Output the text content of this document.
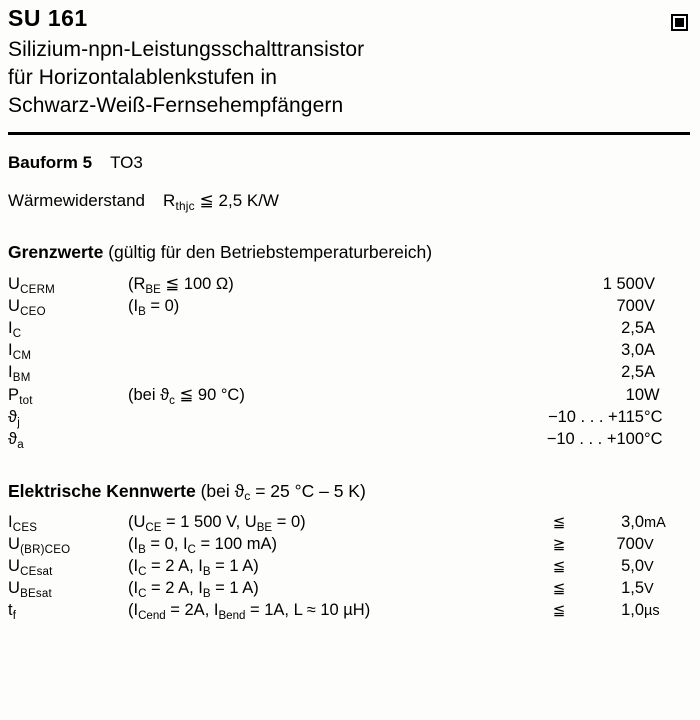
SU 161
Silizium-npn-Leistungsschalttransistor
für Horizontalablenkstufen in
Schwarz-Weiß-Fernsehempfängern
Bauform 5 TO3
Wärmewiderstand $R_{thjc}$ ≦ 2,5 K/W
Grenzwerte (gültig für den Betriebstemperaturbereich)
$U_{CERM}$	($R_{BE}$ ≦ 100 Ω)	1 500	V
$U_{CEO}$	$(I_B = 0)$	700	V
$I_C$		2,5	A
$I_{CM}$		3,0	A
$I_{BM}$		2,5	A
$P_{tot}$	(bei $ϑ_c$ ≦ 90 °C)	10	W
$ϑ_j$		−10 . . . +115	°C
$ϑ_a$		−10 . . . +100	°C
Elektrische Kennwerte (bei $ϑ_c = 25$ °C – 5 K)
$I_{CES}$	($U_{CE} = 1$ 500 V, $U_{BE} = 0$)	≦	3,0	mA
$U_{(BR)CEO}$	($I_B = 0$, $I_C = 100$ mA)	≧	700	V
$U_{CEsat}$	($I_C = 2$ A, $I_B = 1$ A)	≦	5,0	V
$U_{BEsat}$	($I_C = 2$ A, $I_B = 1$ A)	≦	1,5	V
$t_f$	($I_{Cend} = 2A$, $I_{Bend} = 1A$, L ≈ 10 µH)	≦	1,0	µs
